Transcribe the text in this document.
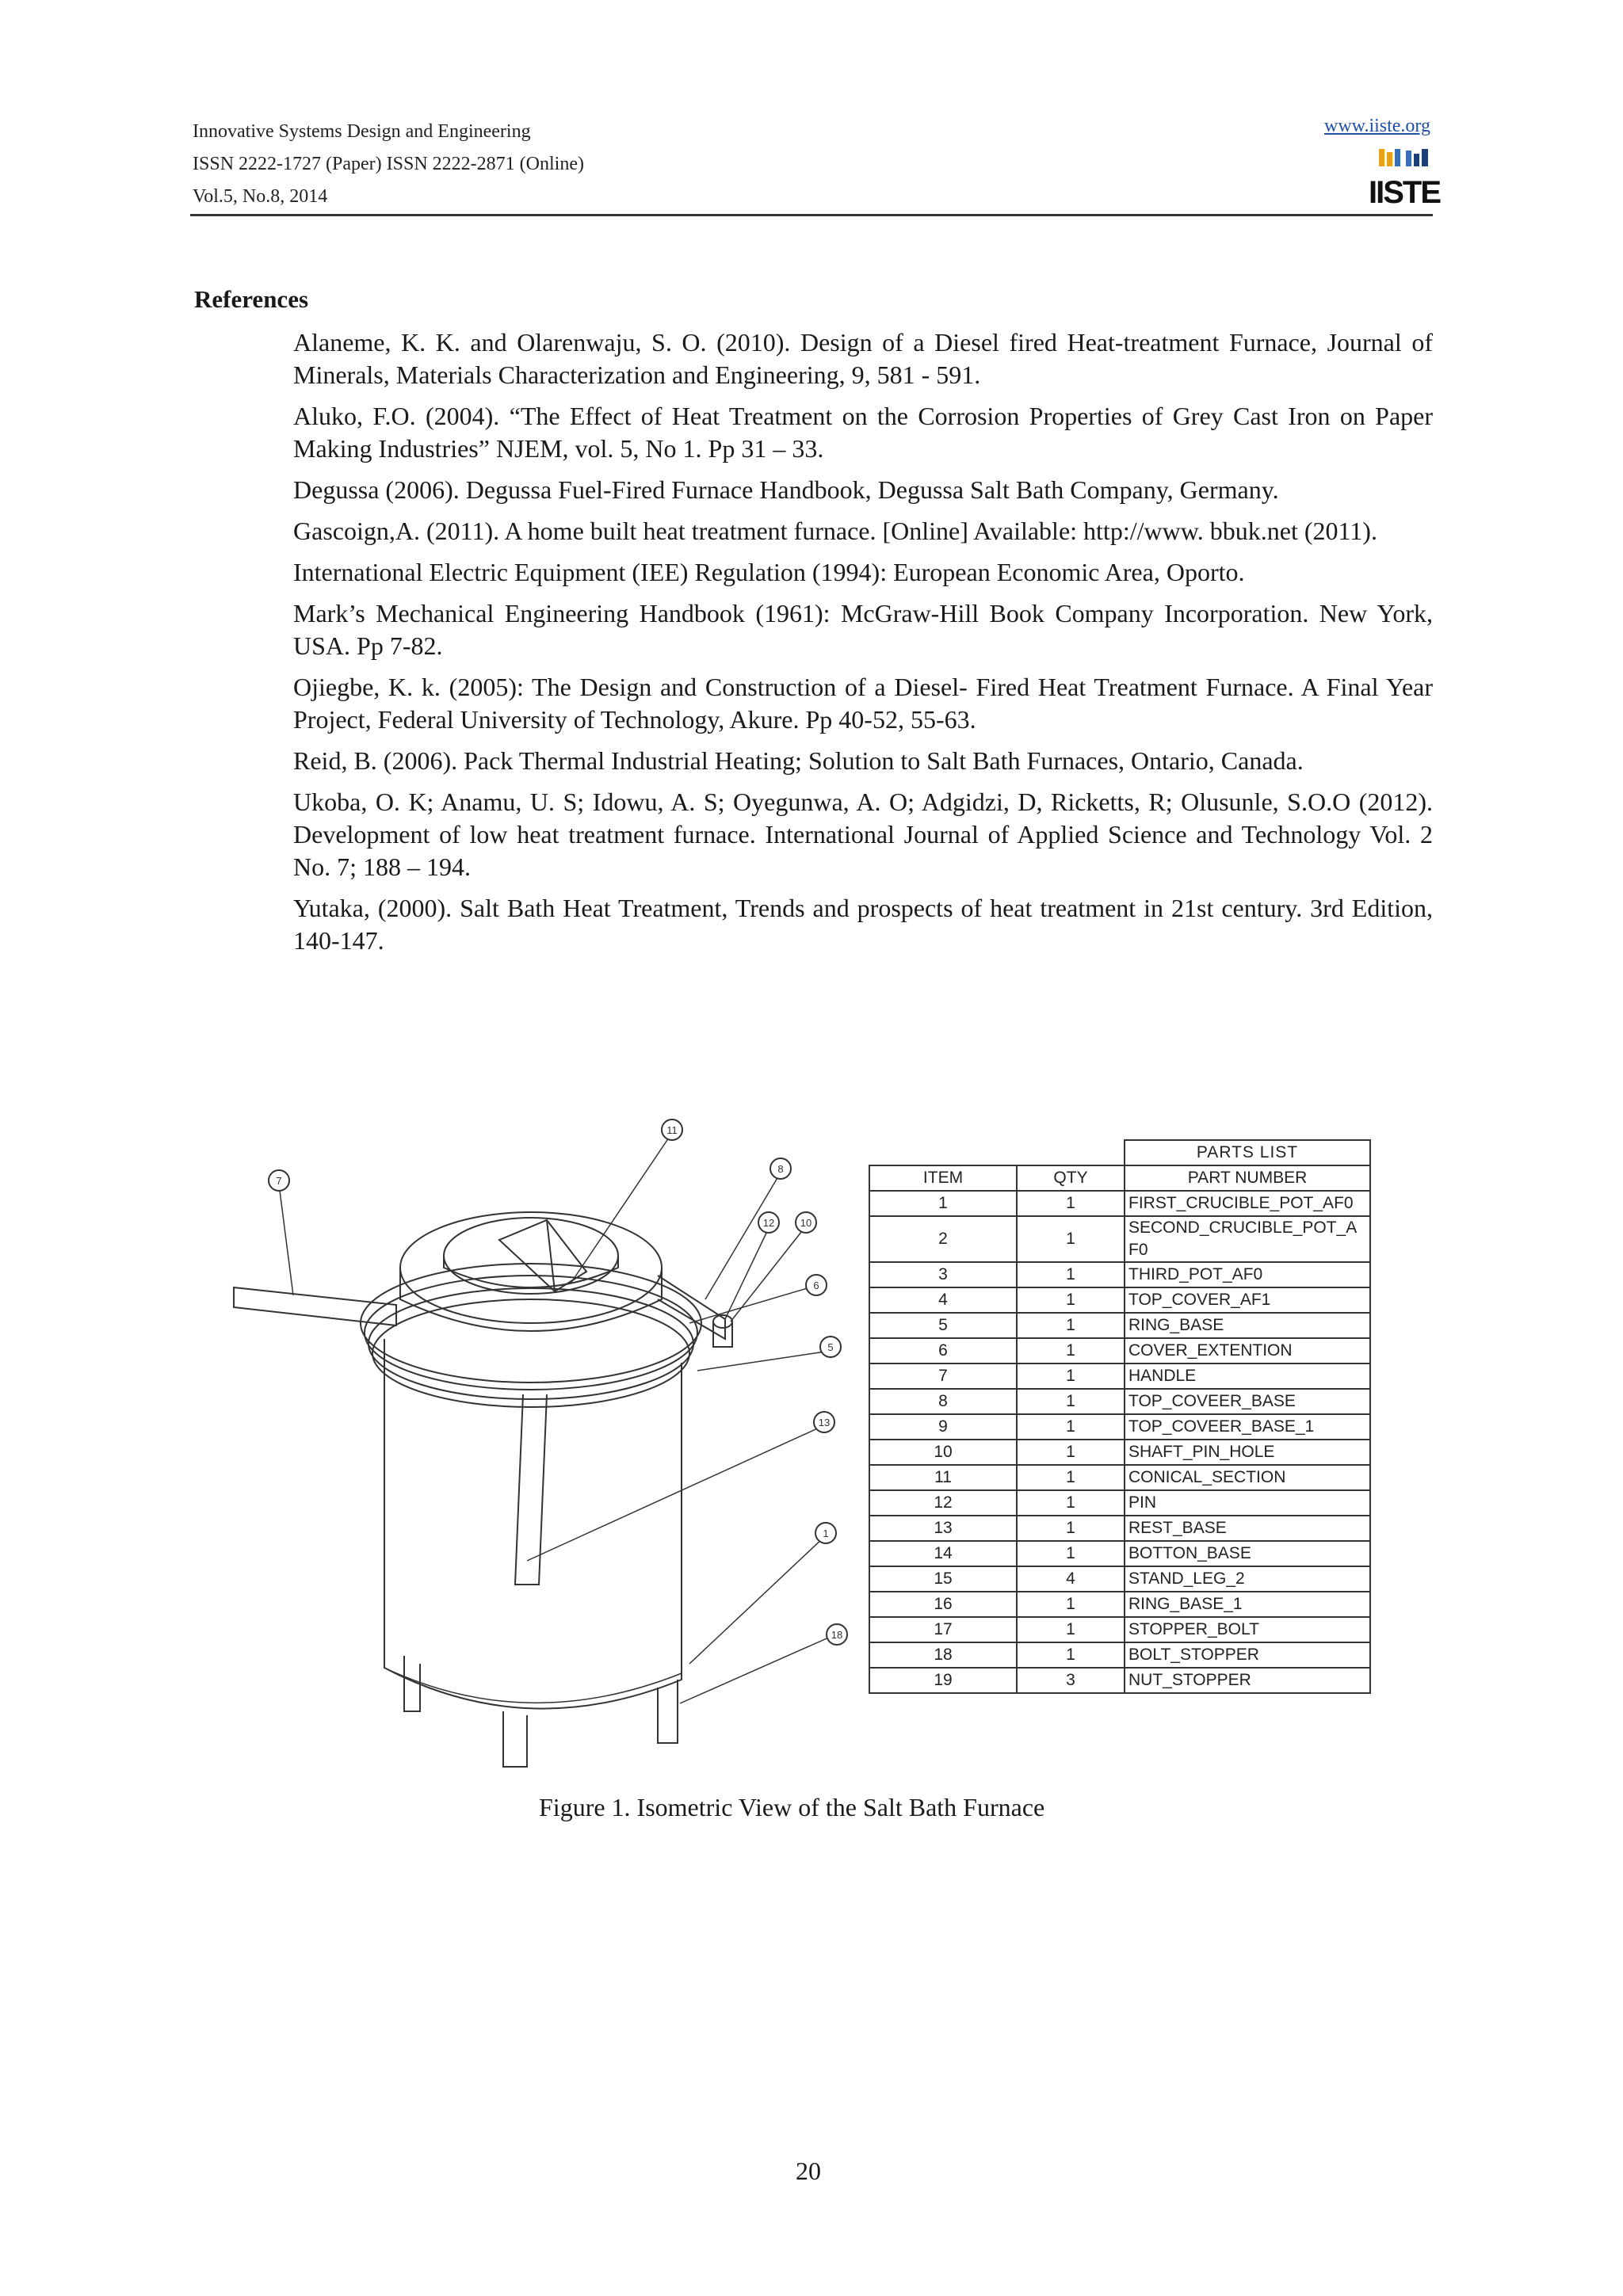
Innovative Systems Design and Engineering
ISSN 2222-1727 (Paper) ISSN 2222-2871 (Online)
Vol.5, No.8, 2014
www.iiste.org
IISTE
References
Alaneme, K. K. and Olarenwaju, S. O. (2010). Design of a Diesel fired Heat-treatment Furnace, Journal of Minerals, Materials Characterization and Engineering, 9, 581 - 591.
Aluko, F.O. (2004). “The Effect of Heat Treatment on the Corrosion Properties of Grey Cast Iron on Paper Making Industries” NJEM, vol. 5, No 1. Pp 31 – 33.
Degussa (2006). Degussa Fuel-Fired Furnace Handbook, Degussa Salt Bath Company, Germany.
Gascoign,A. (2011). A home built heat treatment furnace. [Online] Available: http://www. bbuk.net (2011).
International Electric Equipment (IEE) Regulation (1994): European Economic Area, Oporto.
Mark’s Mechanical Engineering Handbook (1961): McGraw-Hill Book Company Incorporation. New York, USA. Pp 7-82.
Ojiegbe, K. k. (2005): The Design and Construction of a Diesel- Fired Heat Treatment Furnace. A Final Year Project, Federal University of Technology, Akure. Pp 40-52, 55-63.
Reid, B. (2006). Pack Thermal Industrial Heating; Solution to Salt Bath Furnaces, Ontario, Canada.
Ukoba, O. K; Anamu, U. S; Idowu, A. S; Oyegunwa, A. O; Adgidzi, D, Ricketts, R; Olusunle, S.O.O (2012). Development of low heat treatment furnace. International Journal of Applied Science and Technology Vol. 2 No. 7; 188 – 194.
Yutaka, (2000). Salt Bath Heat Treatment, Trends and prospects of heat treatment in 21st century. 3rd Edition, 140-147.
11
7
8
12	10
6
5
13
1
18
		PARTS LIST
ITEM	QTY	PART NUMBER
1	1	FIRST_CRUCIBLE_POT_AF0
2	1	SECOND_CRUCIBLE_POT_A
F0
3	1	THIRD_POT_AF0
4	1	TOP_COVER_AF1
5	1	RING_BASE
6	1	COVER_EXTENTION
7	1	HANDLE
8	1	TOP_COVEER_BASE
9	1	TOP_COVEER_BASE_1
10	1	SHAFT_PIN_HOLE
11	1	CONICAL_SECTION
12	1	PIN
13	1	REST_BASE
14	1	BOTTON_BASE
15	4	STAND_LEG_2
16	1	RING_BASE_1
17	1	STOPPER_BOLT
18	1	BOLT_STOPPER
19	3	NUT_STOPPER
Figure 1. Isometric View of the Salt Bath Furnace
20
